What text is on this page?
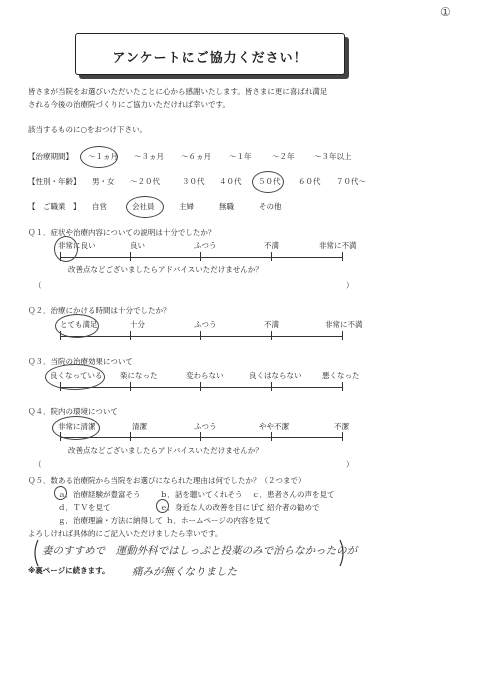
①
アンケートにご協力ください！
皆さまが当院をお選びいただいたことに心から感謝いたします。皆さまに更に喜ばれ満足
される今後の治療院づくりにご協力いただければ幸いです。
該当するものに○をおつけ下さい。
【治療期間】 ～１ヵ月 ～３ヵ月 ～６ヵ月 ～１年	～２年	～３年以上
【性別・年齢】 男・女 ～２０代	３０代 ４０代 ５０代 ６０代 ７０代～
【　ご職業　】 自営	会社員	主婦	無職	その他
Ｑ１．症状や治療内容についての説明は十分でしたか？
非常に良い	良い	ふつう	不満	非常に不満
改善点などございましたらアドバイスいただけませんか？
（	）
Ｑ２．治療にかける時間は十分でしたか？
とても満足	十分	ふつう	不満	非常に不満
Ｑ３．当院の治療効果について
良くなっている 楽になった	変わらない	良くはならない	悪くなった
Ｑ４．院内の環境について
非常に清潔	清潔	ふつう	やや不潔	不潔
改善点などございましたらアドバイスいただけませんか？
（	）
Ｑ５．数ある治療院から当院をお選びになられた理由は何でしたか？（２つまで）
ａ．治療経験が豊富そう	ｂ．話を聴いてくれそう ｃ．患者さんの声を見て
ｄ．ＴＶを見て	ｅ．身近な人の改善を目にして
ｆ．紹介者の勧めで
ｇ．治療理論・方法に納得して ｈ．ホームページの内容を見て
よろしければ具体的にご記入いただけましたら幸いです。
妻のすすめで　運動外科ではしっぷと投薬のみで治らなかったのが
※裏ページに続きます。 痛みが無くなりました
